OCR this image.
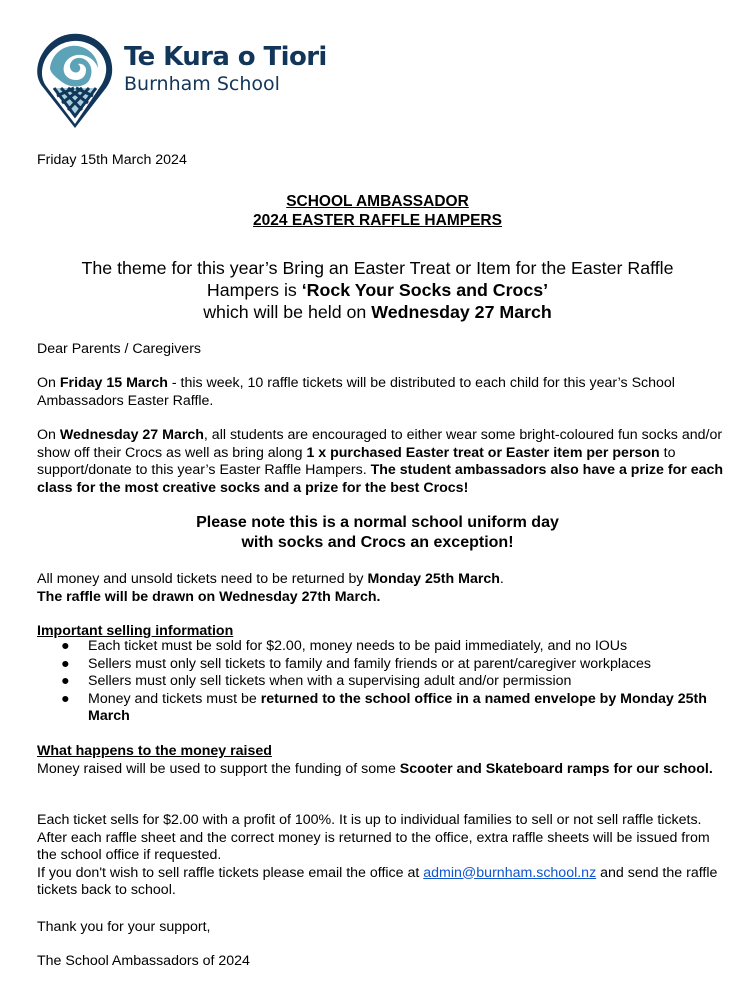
Te Kura o Tiori
Burnham School
Friday 15th March 2024
SCHOOL AMBASSADOR
2024 EASTER RAFFLE HAMPERS
The theme for this year’s Bring an Easter Treat or Item for the Easter Raffle
Hampers is ‘Rock Your Socks and Crocs’
which will be held on Wednesday 27 March
Dear Parents / Caregivers
On Friday 15 March - this week, 10 raffle tickets will be distributed to each child for this year’s School Ambassadors Easter Raffle.
On Wednesday 27 March, all students are encouraged to either wear some bright-coloured fun socks and/or show off their Crocs as well as bring along 1 x purchased Easter treat or Easter item per person to support/donate to this year’s Easter Raffle Hampers. The student ambassadors also have a prize for each class for the most creative socks and a prize for the best Crocs!
Please note this is a normal school uniform day
with socks and Crocs an exception!
All money and unsold tickets need to be returned by Monday 25th March.
The raffle will be drawn on Wednesday 27th March.
Important selling information
● Each ticket must be sold for $2.00, money needs to be paid immediately, and no IOUs
● Sellers must only sell tickets to family and family friends or at parent/caregiver workplaces
● Sellers must only sell tickets when with a supervising adult and/or permission
● Money and tickets must be returned to the school office in a named envelope by Monday 25th March
What happens to the money raised
Money raised will be used to support the funding of some Scooter and Skateboard ramps for our school.
Each ticket sells for $2.00 with a profit of 100%. It is up to individual families to sell or not sell raffle tickets. After each raffle sheet and the correct money is returned to the office, extra raffle sheets will be issued from the school office if requested.
If you don't wish to sell raffle tickets please email the office at admin@burnham.school.nz and send the raffle tickets back to school.
Thank you for your support,
The School Ambassadors of 2024
